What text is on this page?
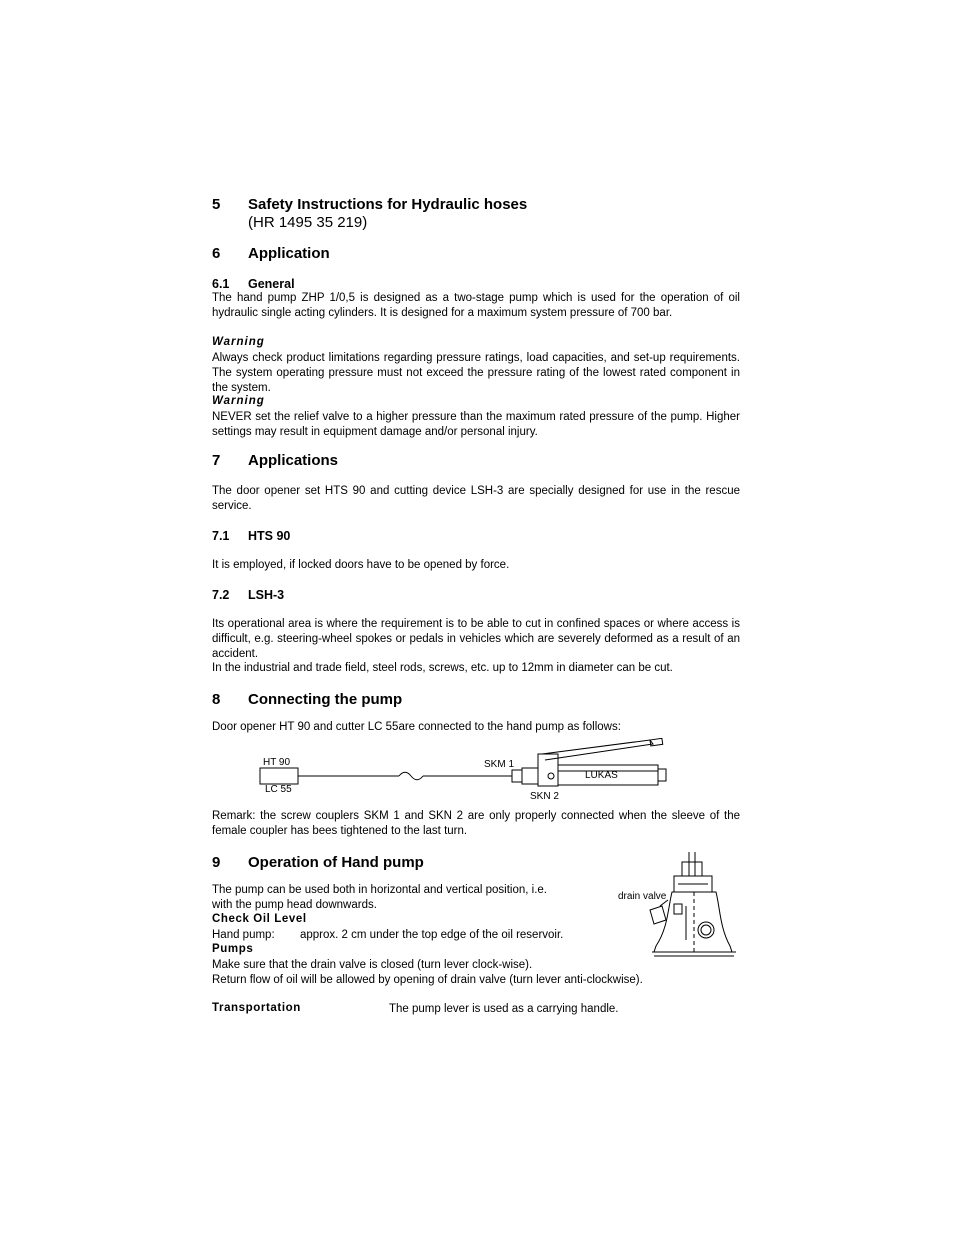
5 Safety Instructions for Hydraulic hoses
(HR 1495 35 219)
6 Application
6.1 General
The hand pump ZHP 1/0,5 is designed as a two-stage pump which is used for the operation of oil hydraulic single acting cylinders. It is designed for a maximum system pressure of 700 bar.
Warning
Always check product limitations regarding pressure ratings, load capacities, and set-up requirements. The system operating pressure must not exceed the pressure rating of the lowest rated component in the system.
Warning
NEVER set the relief valve to a higher pressure than the maximum rated pressure of the pump. Higher settings may result in equipment damage and/or personal injury.
7 Applications
The door opener set HTS 90 and cutting device LSH-3 are specially designed for use in the rescue service.
7.1 HTS 90
It is employed, if locked doors have to be opened by force.
7.2 LSH-3
Its operational area is where the requirement is to be able to cut in confined spaces or where access is difficult, e.g. steering-wheel spokes or pedals in vehicles which are severely deformed as a result of an accident.
In the industrial and trade field, steel rods, screws, etc. up to 12mm in diameter can be cut.
8 Connecting the pump
Door opener HT 90 and cutter LC 55are connected to the hand pump as follows:
HT 90
LC 55
SKM 1
SKN 2
LUKAS
Remark: the screw couplers SKM 1 and SKN 2 are only properly connected when the sleeve of the female coupler has bees tightened to the last turn.
9 Operation of Hand pump
The pump can be used both in horizontal and vertical position, i.e.
with the pump head downwards.
Check Oil Level
Hand pump: approx. 2 cm under the top edge of the oil reservoir.
Pumps
Make sure that the drain valve is closed (turn lever clock-wise).
Return flow of oil will be allowed by opening of drain valve (turn lever anti-clockwise).
Transportation	The pump lever is used as a carrying handle.
drain valve
